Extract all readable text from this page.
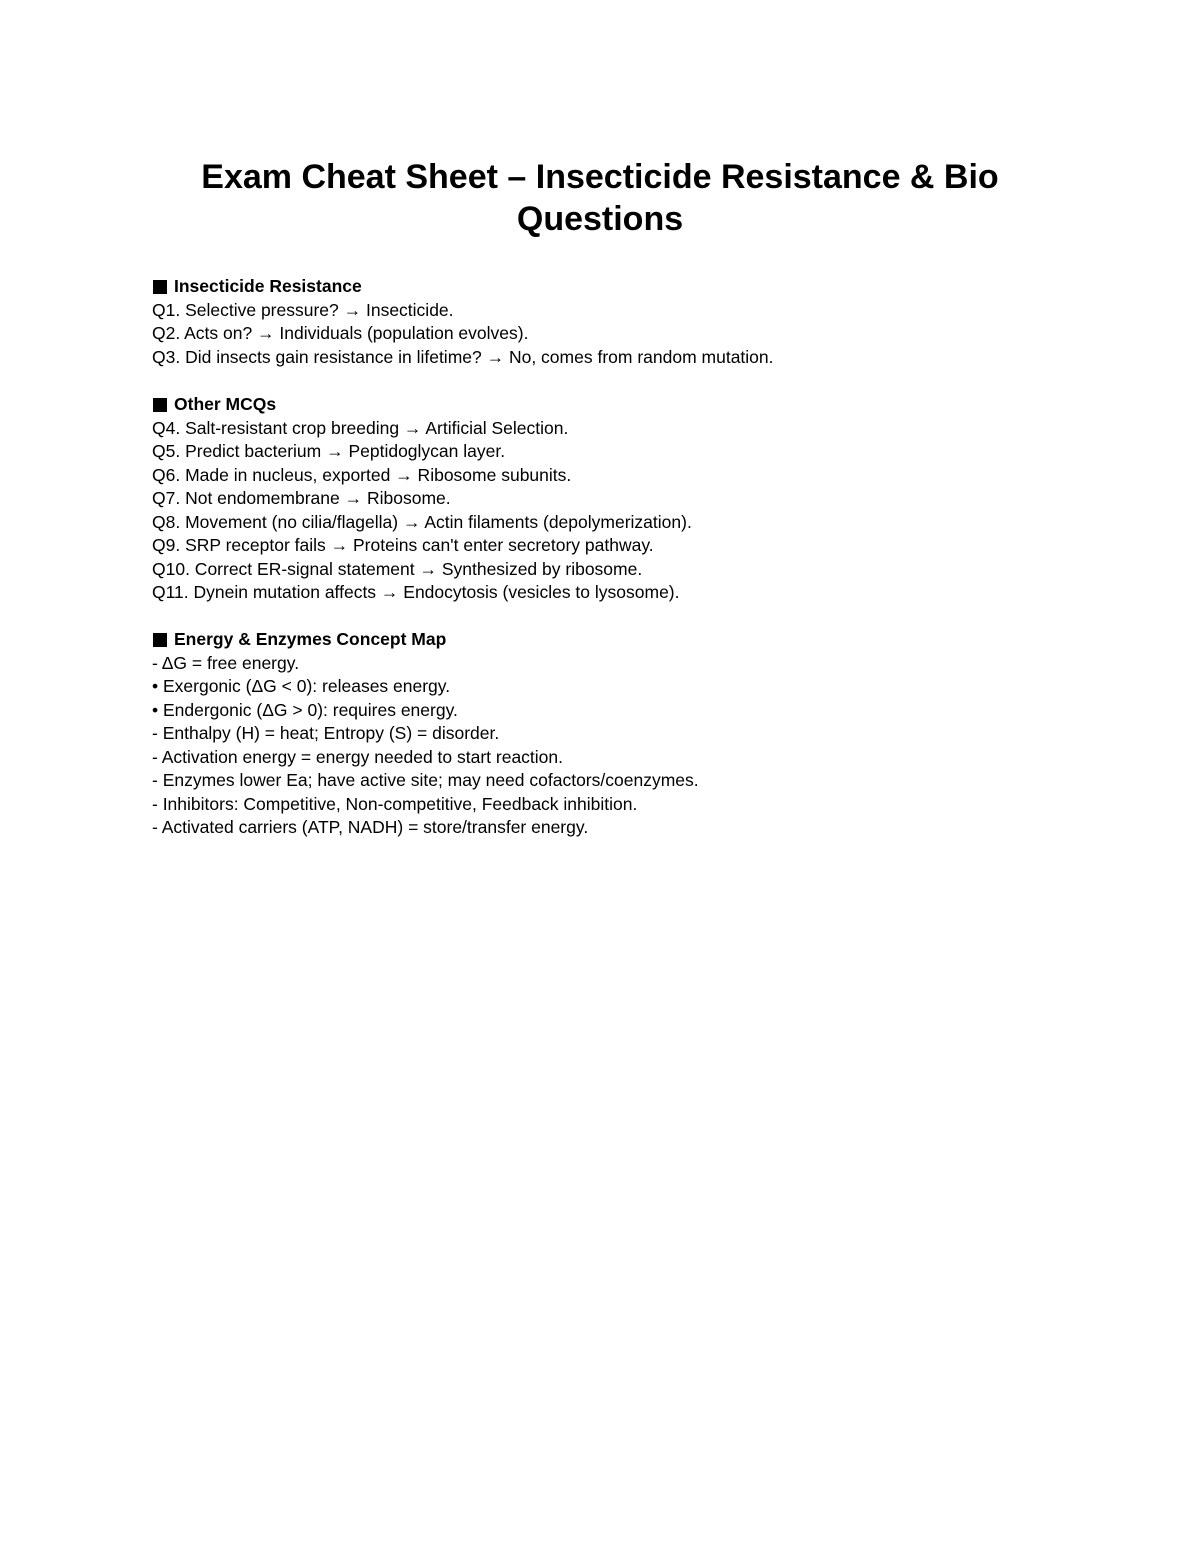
Exam Cheat Sheet – Insecticide Resistance & Bio Questions
Insecticide Resistance
Q1. Selective pressure? → Insecticide.
Q2. Acts on? → Individuals (population evolves).
Q3. Did insects gain resistance in lifetime? → No, comes from random mutation.
Other MCQs
Q4. Salt-resistant crop breeding → Artificial Selection.
Q5. Predict bacterium → Peptidoglycan layer.
Q6. Made in nucleus, exported → Ribosome subunits.
Q7. Not endomembrane → Ribosome.
Q8. Movement (no cilia/flagella) → Actin filaments (depolymerization).
Q9. SRP receptor fails → Proteins can't enter secretory pathway.
Q10. Correct ER-signal statement → Synthesized by ribosome.
Q11. Dynein mutation affects → Endocytosis (vesicles to lysosome).
Energy & Enzymes Concept Map
- ΔG = free energy.
• Exergonic (ΔG < 0): releases energy.
• Endergonic (ΔG > 0): requires energy.
- Enthalpy (H) = heat; Entropy (S) = disorder.
- Activation energy = energy needed to start reaction.
- Enzymes lower Ea; have active site; may need cofactors/coenzymes.
- Inhibitors: Competitive, Non-competitive, Feedback inhibition.
- Activated carriers (ATP, NADH) = store/transfer energy.
